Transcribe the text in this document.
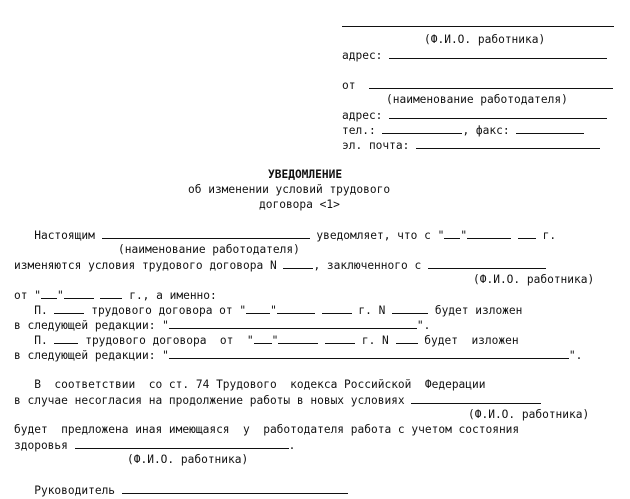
(Ф.И.О. работника)
адрес:
от
(наименование работодателя)
адрес:
тел.:	, факс:
эл. почта:
УВЕДОМЛЕНИЕ
об изменении условий трудового
договора <1>
Настоящим	уведомляет, что с " "	г.
(наименование работодателя)
изменяются условия трудового договора N	, заключенного с
(Ф.И.О. работника)
от " "	г., а именно:
П.	трудового договора от " "	г. N	будет изложен
в следующей редакции: "	".
П.	трудового договора  от  " "	г. N	будет  изложен
в следующей редакции: "	".
В  соответствии  со ст. 74 Трудового  кодекса Российской  Федерации
в случае несогласия на продолжение работы в новых условиях
(Ф.И.О. работника)
будет  предложена иная имеющаяся  у  работодателя работа с учетом состояния
здоровья	.
(Ф.И.О. работника)
Руководитель
